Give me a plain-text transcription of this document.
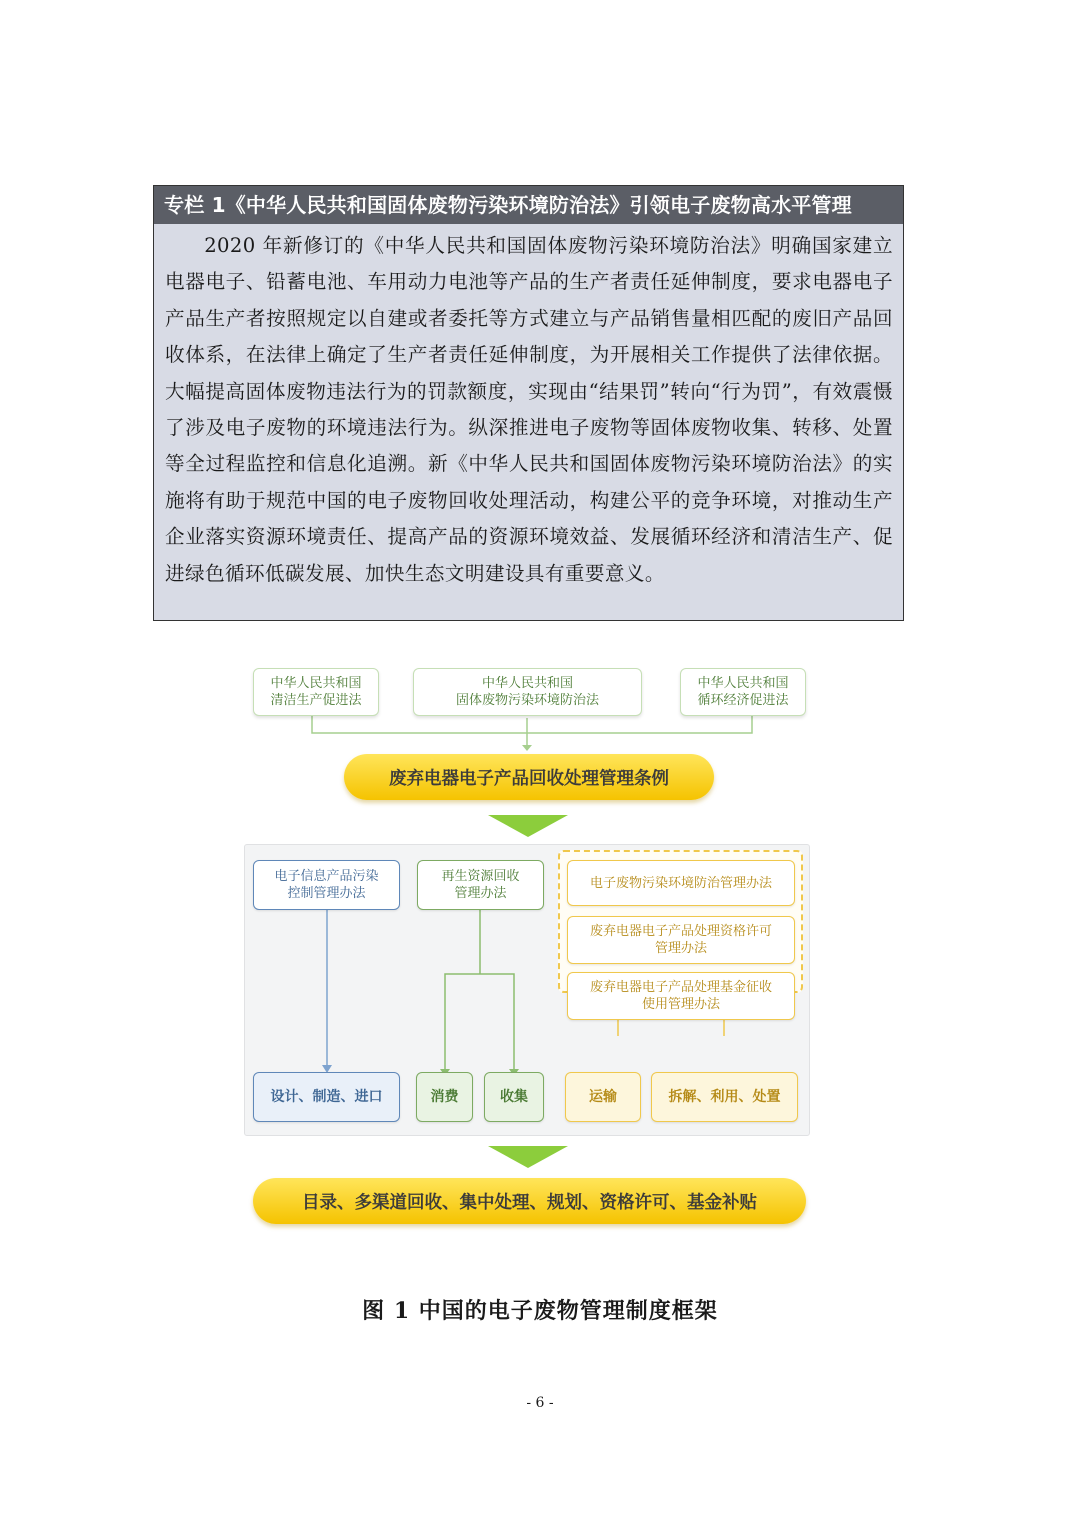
专栏 1《中华人民共和国固体废物污染环境防治法》引领电子废物高水平管理
2020 年新修订的《中华人民共和国固体废物污染环境防治法》明确国家建立电器电子、铅蓄电池、车用动力电池等产品的生产者责任延伸制度，要求电器电子产品生产者按照规定以自建或者委托等方式建立与产品销售量相匹配的废旧产品回收体系，在法律上确定了生产者责任延伸制度，为开展相关工作提供了法律依据。大幅提高固体废物违法行为的罚款额度，实现由“结果罚”转向“行为罚”，有效震慑了涉及电子废物的环境违法行为。纵深推进电子废物等固体废物收集、转移、处置等全过程监控和信息化追溯。新《中华人民共和国固体废物污染环境防治法》的实施将有助于规范中国的电子废物回收处理活动，构建公平的竞争环境，对推动生产企业落实资源环境责任、提高产品的资源环境效益、发展循环经济和清洁生产、促进绿色循环低碳发展、加快生态文明建设具有重要意义。
中华人民共和国
清洁生产促进法
中华人民共和国
固体废物污染环境防治法
中华人民共和国
循环经济促进法
废弃电器电子产品回收处理管理条例
电子信息产品污染
控制管理办法
再生资源回收
管理办法
电子废物污染环境防治管理办法
废弃电器电子产品处理资格许可
管理办法
废弃电器电子产品处理基金征收
使用管理办法
设计、制造、进口	消费	收集	运输	拆解、利用、处置
目录、多渠道回收、集中处理、规划、资格许可、基金补贴
图 1 中国的电子废物管理制度框架
- 6 -
